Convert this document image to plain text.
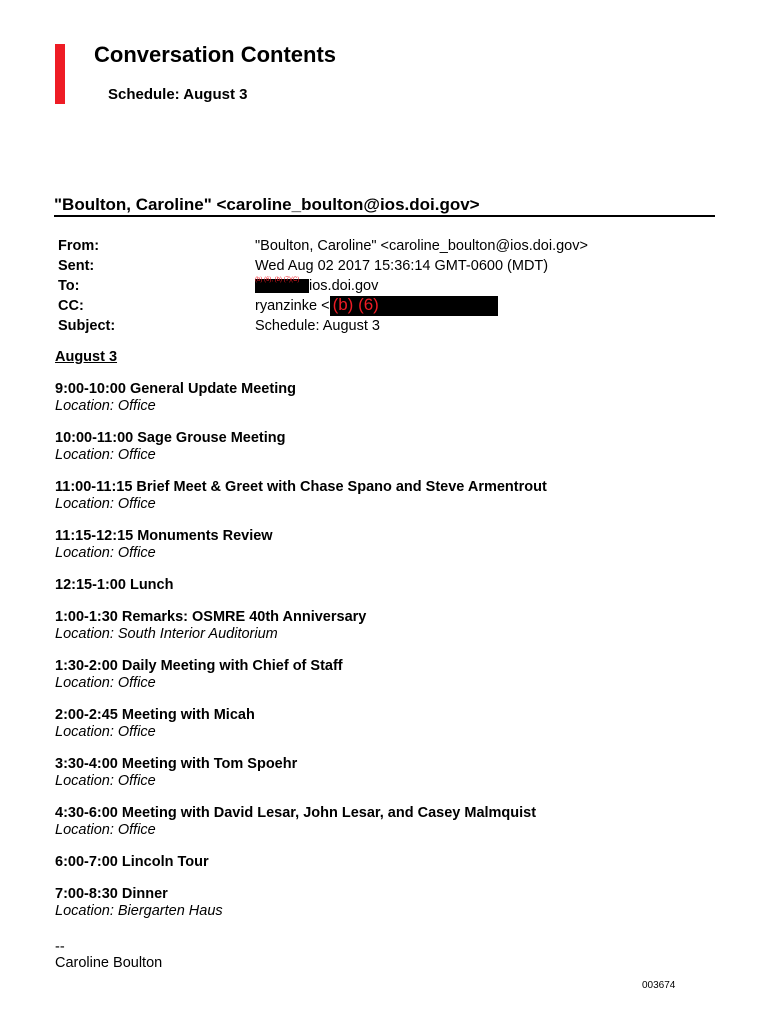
Conversation Contents
Schedule: August 3
"Boulton, Caroline" <caroline_boulton@ios.doi.gov>
From:	"Boulton, Caroline" <caroline_boulton@ios.doi.gov>
Sent:	Wed Aug 02 2017 15:36:14 GMT-0600 (MDT)
To:	(b) (6), (b) (7)(C) ios.doi.gov
CC:	ryanzinke < (b) (6)
Subject:	Schedule: August 3
August 3
9:00-10:00 General Update Meeting
Location: Office
10:00-11:00 Sage Grouse Meeting
Location: Office
11:00-11:15 Brief Meet & Greet with Chase Spano and Steve Armentrout
Location: Office
11:15-12:15 Monuments Review
Location: Office
12:15-1:00 Lunch
1:00-1:30 Remarks: OSMRE 40th Anniversary
Location: South Interior Auditorium
1:30-2:00 Daily Meeting with Chief of Staff
Location: Office
2:00-2:45 Meeting with Micah
Location: Office
3:30-4:00 Meeting with Tom Spoehr
Location: Office
4:30-6:00 Meeting with David Lesar, John Lesar, and Casey Malmquist
Location: Office
6:00-7:00 Lincoln Tour
7:00-8:30 Dinner
Location: Biergarten Haus
--
Caroline Boulton
003674
